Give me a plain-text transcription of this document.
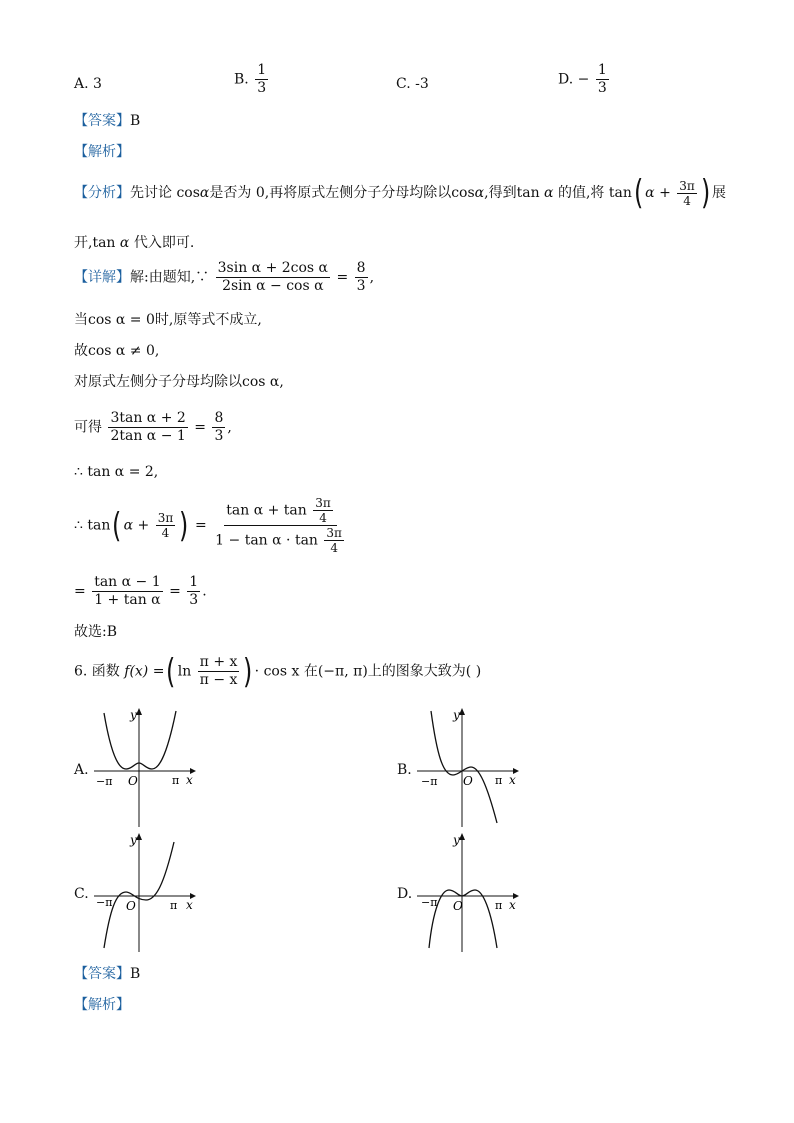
A. 3	B. $\frac{1}{3}$	C. -3	D. − $\frac{1}{3}$
【答案】B
【解析】
【分析】先讨论 cosα是否为 0,再将原式左侧分子分母均除以cosα,得到tan α 的值,将 tan( $\alpha + \frac{3\pi}{4}$ ) 展
开,tan α 代入即可.
【详解】解:由题知,∵ $\frac{\text{3sin α + 2cos α}}{\text{2sin α − cos α}} = \frac{8}{3}$ ,
当cos α = 0时,原等式不成立,
故cos α ≠ 0,
对原式左侧分子分母均除以cos α,
可得 $\frac{\text{3tan α + 2}}{\text{2tan α − 1}} = \frac{8}{3}$ ,
∴ tan α = 2,
∴ tan( $\alpha + \frac{3\pi}{4}$ ) = $\frac{\tan \alpha + \tan \frac{3\pi}{4}}{1 - \tan \alpha \cdot \tan \frac{3\pi}{4}}$
= $\frac{\text{tan α − 1}}{\text{1 + tan α}} = \frac{1}{3}$ .
故选:B
6. 函数 f(x) =( $\ln \frac{\pi + x}{\pi - x}$ ) · cos x 在(−π, π)上的图象大致为( )
A.
y
x
O
−π	π
B.
y
x
O
−π	π
C.
y
x
O
−π	π
D.
y
x
O
−π	π
【答案】B
【解析】
